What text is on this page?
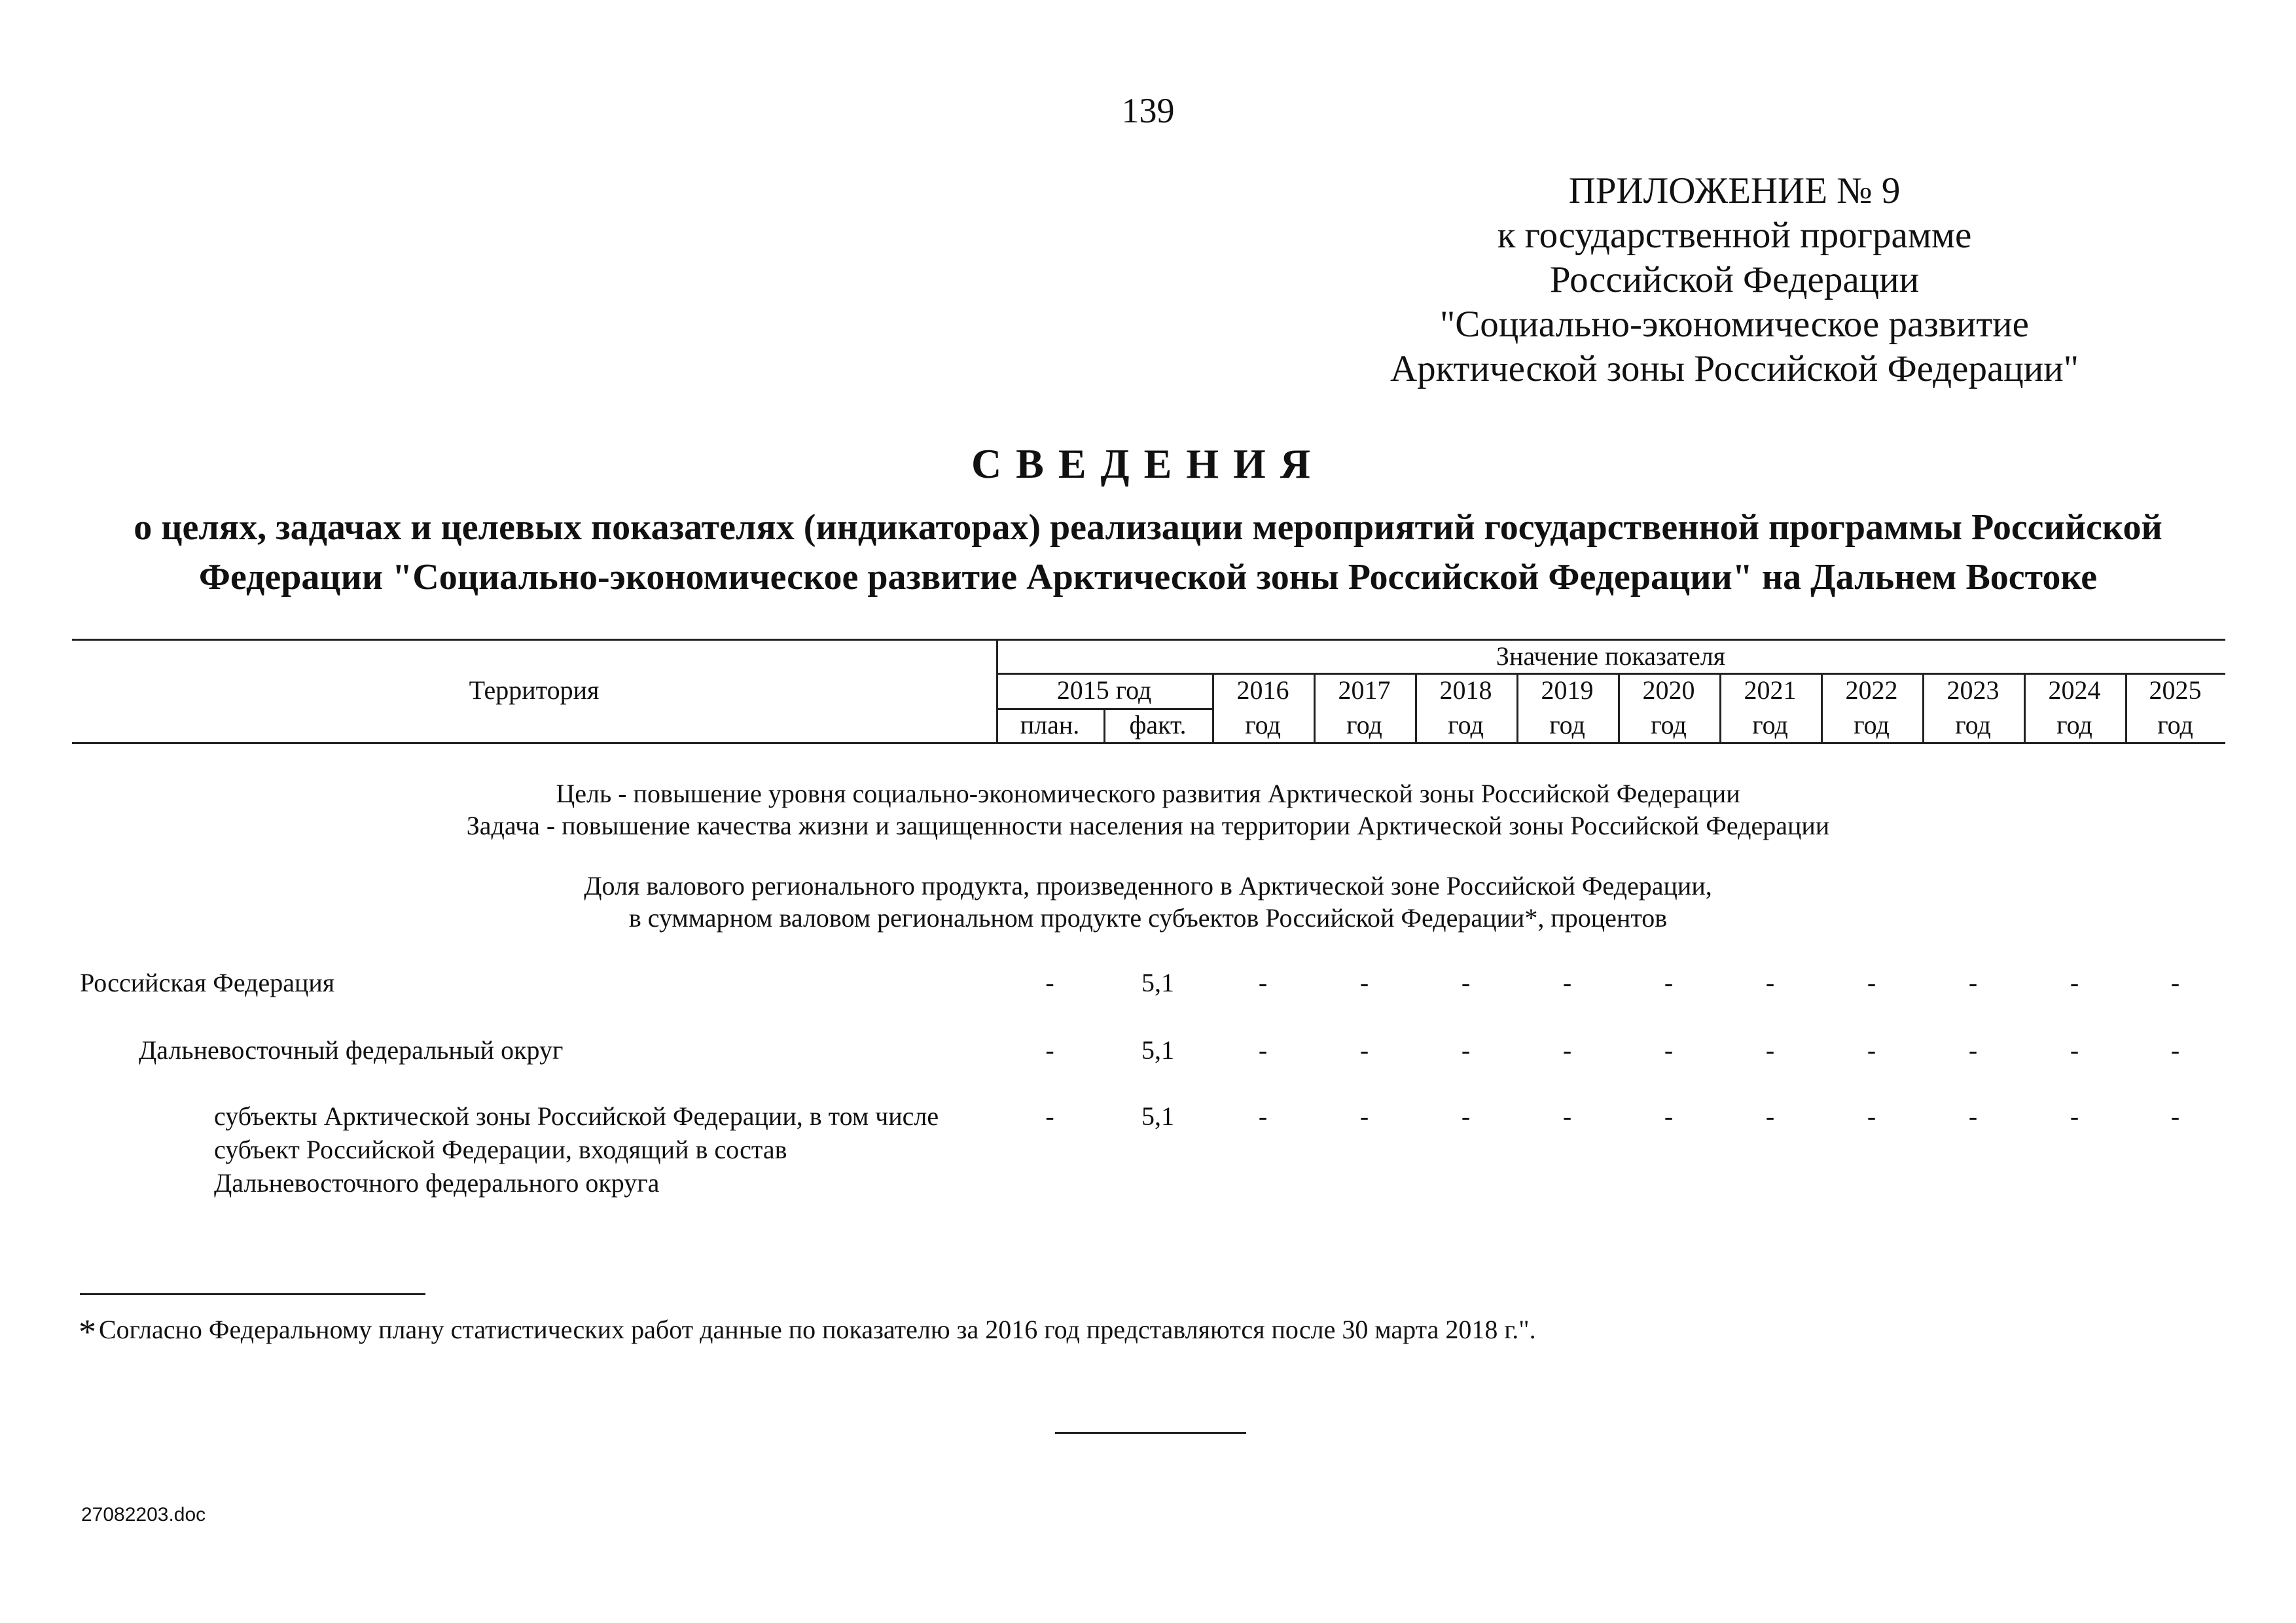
139
ПРИЛОЖЕНИЕ № 9
к государственной программе
Российской Федерации
"Социально-экономическое развитие
Арктической зоны Российской Федерации"
СВЕДЕНИЯ
о целях, задачах и целевых показателях (индикаторах) реализации мероприятий государственной программы Российской
Федерации "Социально-экономическое развитие Арктической зоны Российской Федерации" на Дальнем Востоке
Территория
Значение показателя
2015 год
план.	факт.
2016	2017	2018	2019	2020	2021	2022	2023	2024	2025
год	год	год	год	год	год	год	год	год	год
Цель - повышение уровня социально-экономического развития Арктической зоны Российской Федерации
Задача - повышение качества жизни и защищенности населения на территории Арктической зоны Российской Федерации
Доля валового регионального продукта, произведенного в Арктической зоне Российской Федерации,
в суммарном валовом региональном продукте субъектов Российской Федерации*, процентов
Российская Федерация	-	5,1	-	-	-	-	-	-	-	-	-	-
Дальневосточный федеральный округ	-	5,1	-	-	-	-	-	-	-	-	-	-
субъекты Арктической зоны Российской Федерации, в том числе
субъект Российской Федерации, входящий в состав
Дальневосточного федерального округа
-	5,1	-	-	-	-	-	-	-	-	-	-
* Согласно Федеральному плану статистических работ данные по показателю за 2016 год представляются после 30 марта 2018 г.".
27082203.doc
